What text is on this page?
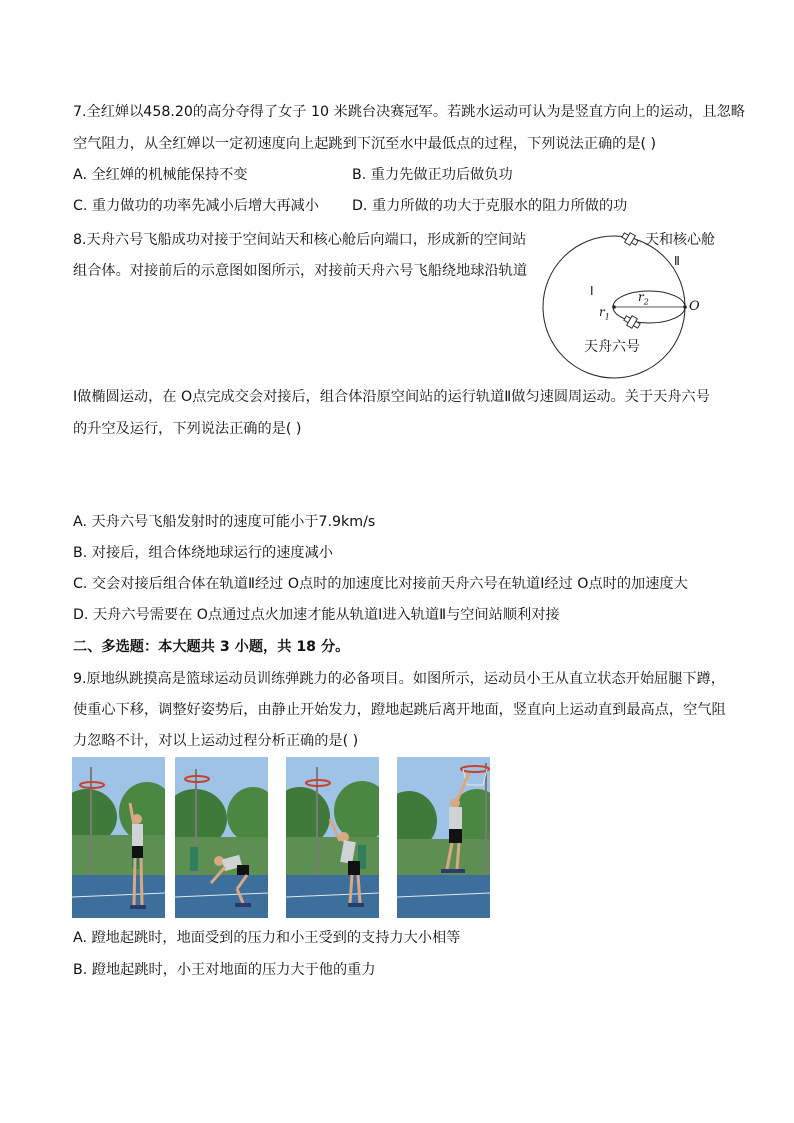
7.全红婵以458.20的高分夺得了女子 10 米跳台决赛冠军。若跳水运动可认为是竖直方向上的运动，且忽略
空气阻力，从全红婵以一定初速度向上起跳到下沉至水中最低点的过程，下列说法正确的是( )
A. 全红婵的机械能保持不变	B. 重力先做正功后做负功
C. 重力做功的功率先减小后增大再减小 D. 重力所做的功大于克服水的阻力所做的功
8.天舟六号飞船成功对接于空间站天和核心舱后向端口，形成新的空间站
组合体。对接前后的示意图如图所示，对接前天舟六号飞船绕地球沿轨道
天和核心舱
Ⅱ
Ⅰ	$r_2$
$r_1$
O
天舟六号
Ⅰ做椭圆运动，在 O点完成交会对接后，组合体沿原空间站的运行轨道Ⅱ做匀速圆周运动。关于天舟六号
的升空及运行，下列说法正确的是( )
A. 天舟六号飞船发射时的速度可能小于7.9km/s
B. 对接后，组合体绕地球运行的速度减小
C. 交会对接后组合体在轨道Ⅱ经过 O点时的加速度比对接前天舟六号在轨道Ⅰ经过 O点时的加速度大
D. 天舟六号需要在 O点通过点火加速才能从轨道Ⅰ进入轨道Ⅱ与空间站顺利对接
二、多选题：本大题共 3 小题，共 18 分。
9.原地纵跳摸高是篮球运动员训练弹跳力的必备项目。如图所示，运动员小王从直立状态开始屈腿下蹲，
使重心下移，调整好姿势后，由静止开始发力，蹬地起跳后离开地面，竖直向上运动直到最高点，空气阻
力忽略不计，对以上运动过程分析正确的是( )
A. 蹬地起跳时，地面受到的压力和小王受到的支持力大小相等
B. 蹬地起跳时，小王对地面的压力大于他的重力
